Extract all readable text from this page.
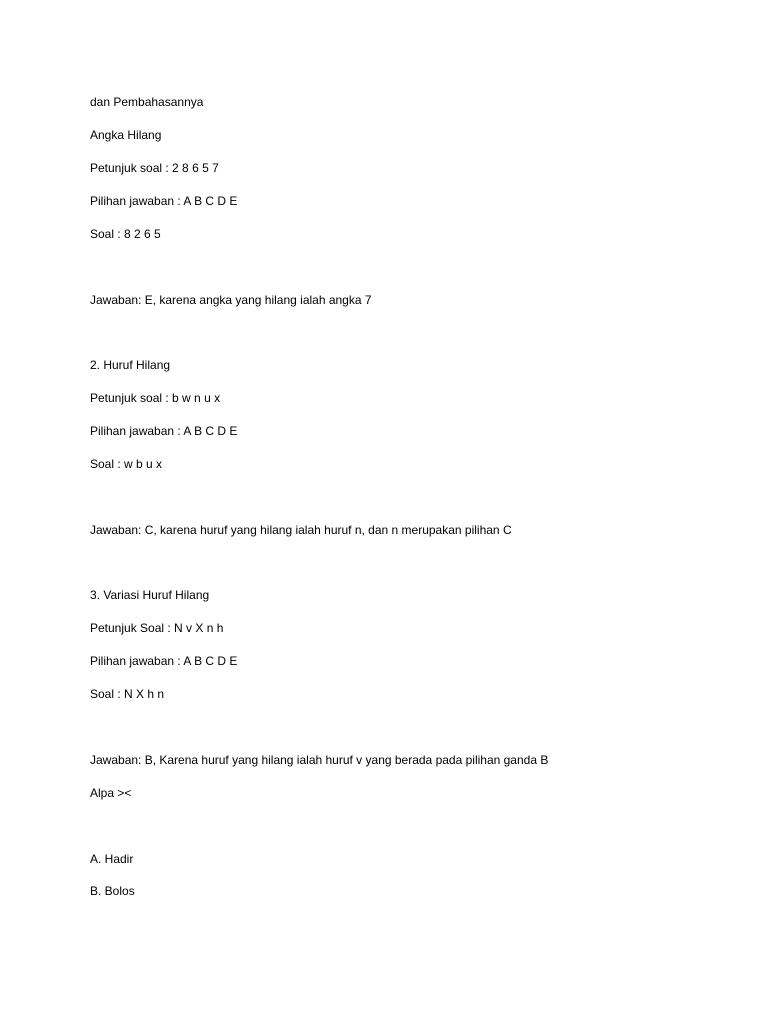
dan Pembahasannya

Angka Hilang

Petunjuk soal : 2 8 6 5 7

Pilihan jawaban : A B C D E

Soal : 8 2 6 5

Jawaban: E, karena angka yang hilang ialah angka 7

2. Huruf Hilang

Petunjuk soal : b w n u x

Pilihan jawaban : A B C D E

Soal : w b u x

Jawaban: C, karena huruf yang hilang ialah huruf n, dan n merupakan pilihan C

3. Variasi Huruf Hilang

Petunjuk Soal : N v X n h

Pilihan jawaban : A B C D E

Soal : N X h n

Jawaban: B, Karena huruf yang hilang ialah huruf v yang berada pada pilihan ganda B

Alpa ><

A. Hadir

B. Bolos
